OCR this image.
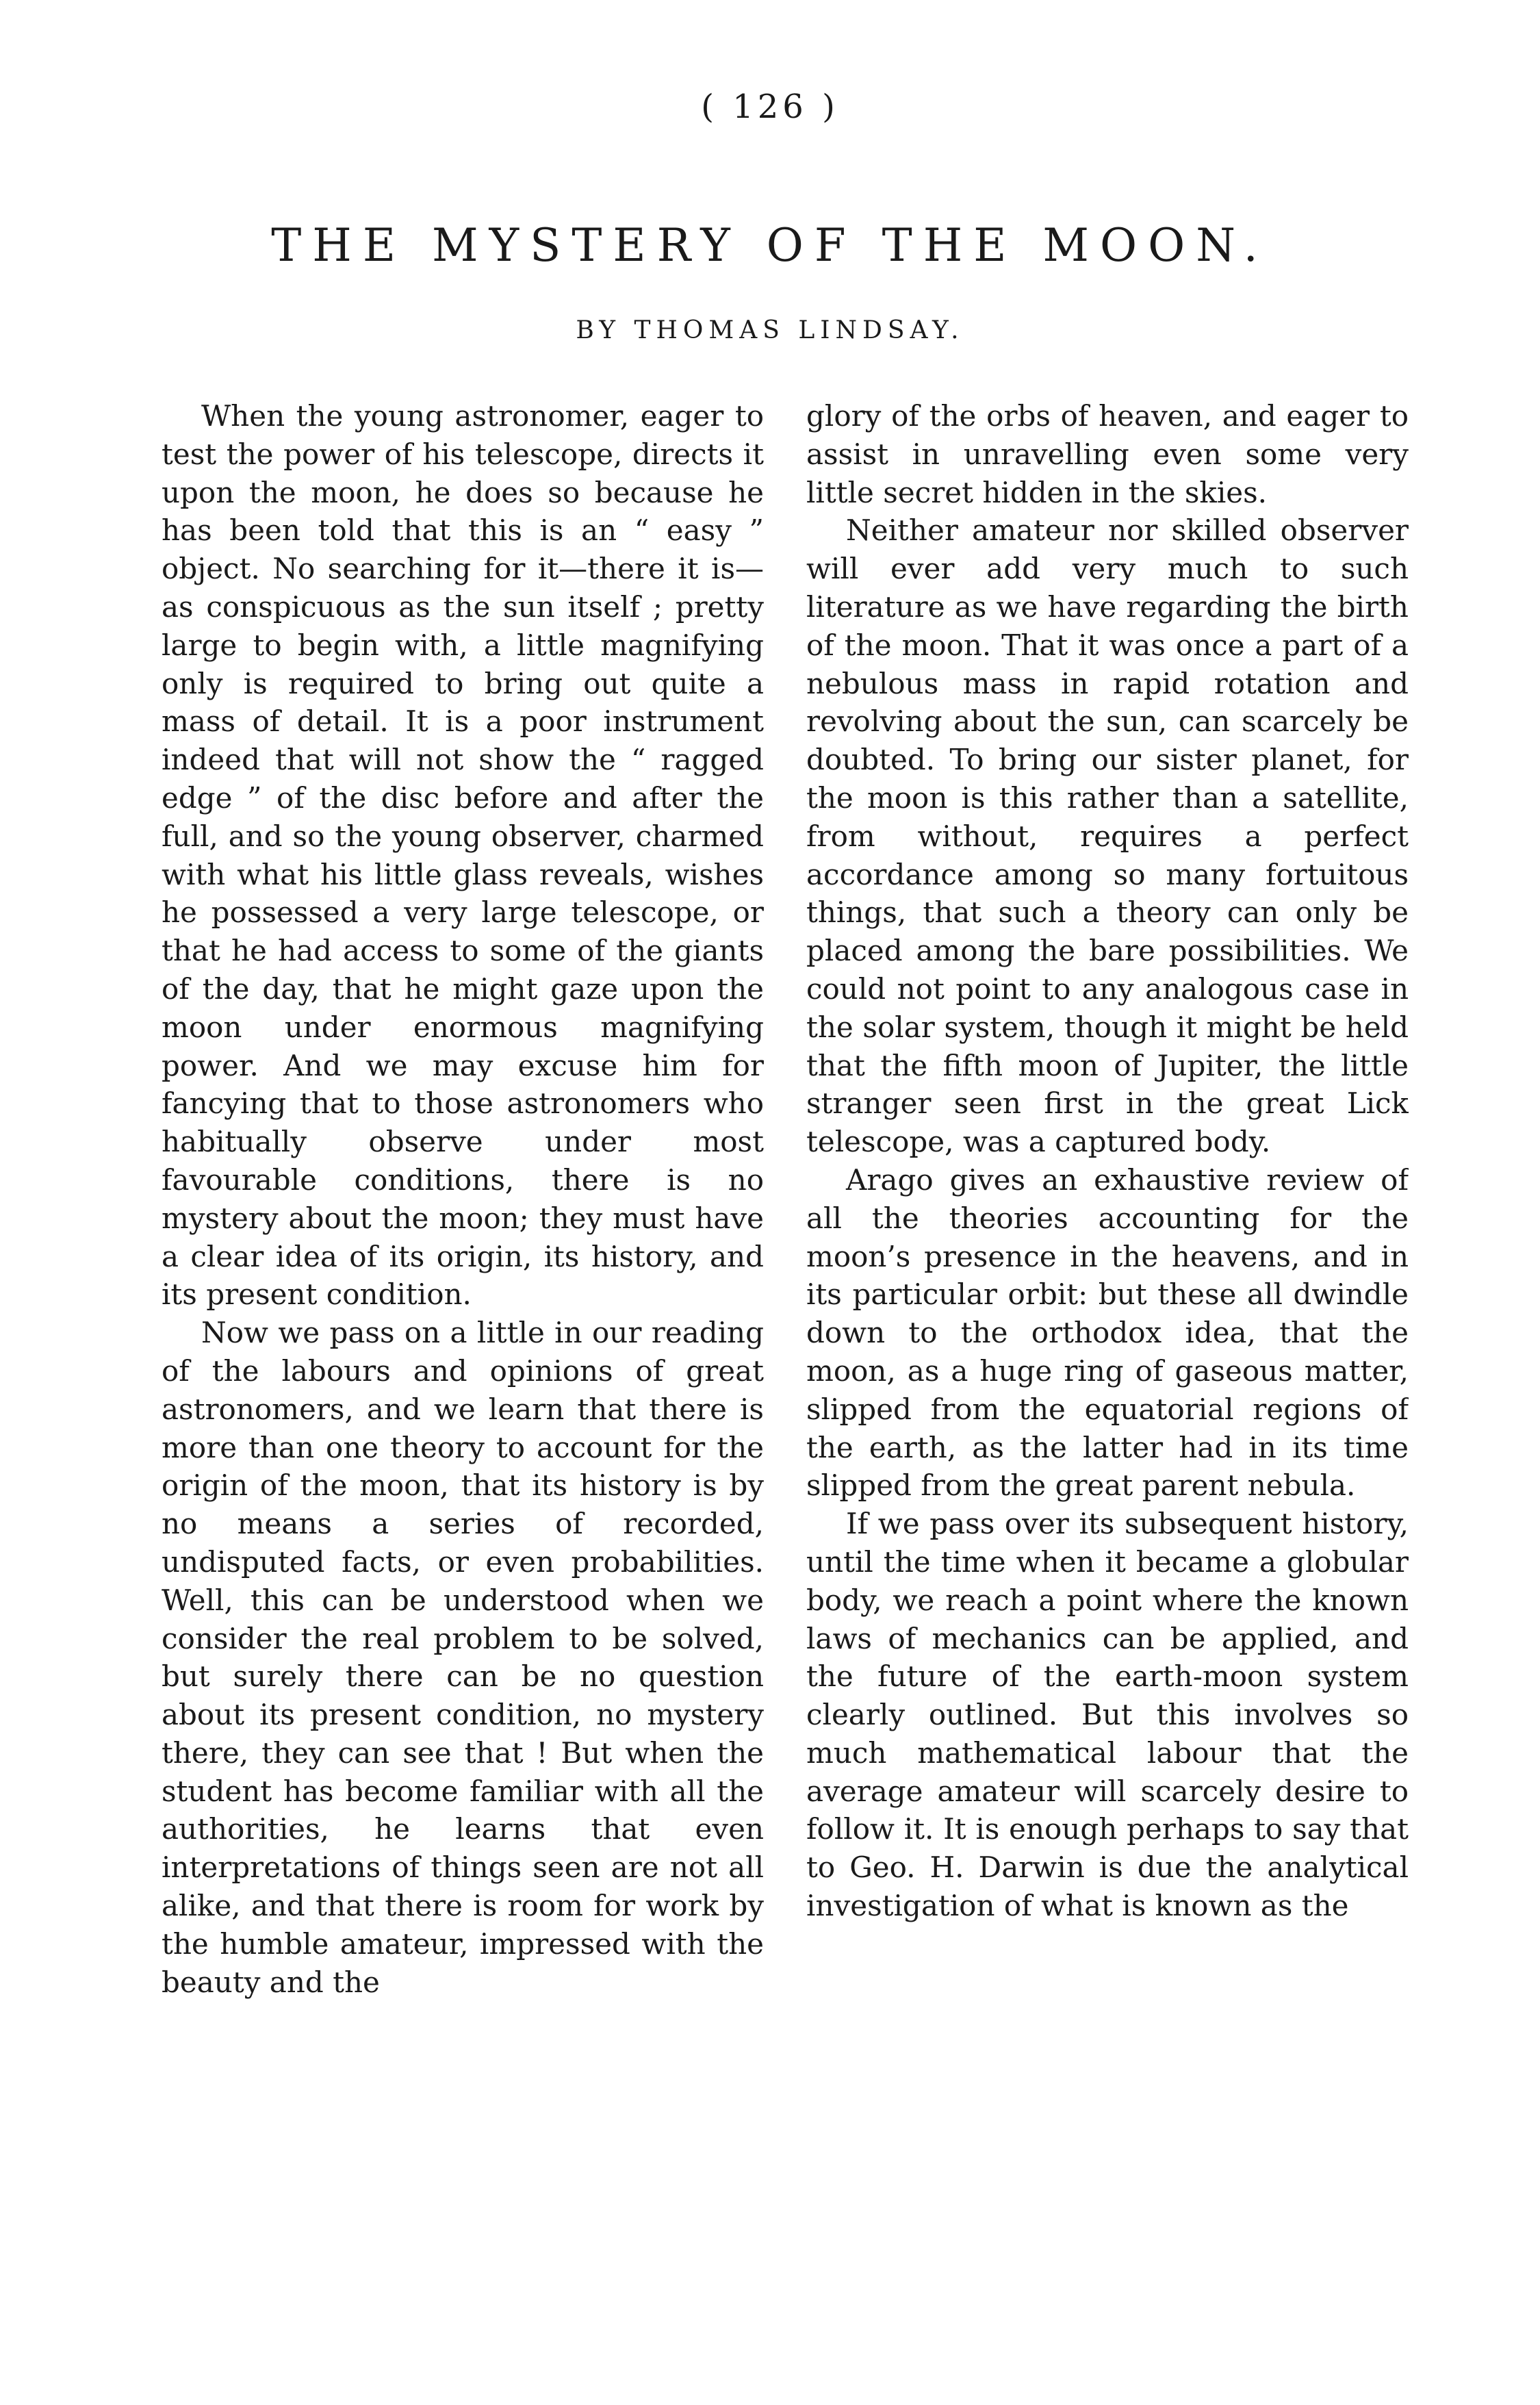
( 126 )
THE MYSTERY OF THE MOON.
BY THOMAS LINDSAY.

When the young astronomer, eager to test the power of his telescope, directs it upon the moon, he does so because he has been told that this is an “ easy ” object. No searching for it—there it is—as conspicuous as the sun itself ; pretty large to begin with, a little magnifying only is required to bring out quite a mass of detail. It is a poor instrument indeed that will not show the “ ragged edge ” of the disc before and after the full, and so the young observer, charmed with what his little glass reveals, wishes he possessed a very large telescope, or that he had access to some of the giants of the day, that he might gaze upon the moon under enormous magnifying power. And we may excuse him for fancying that to those astronomers who habitually observe under most favourable conditions, there is no mystery about the moon; they must have a clear idea of its origin, its history, and its present condition.

Now we pass on a little in our reading of the labours and opinions of great astronomers, and we learn that there is more than one theory to account for the origin of the moon, that its history is by no means a series of recorded, undisputed facts, or even probabilities. Well, this can be understood when we consider the real problem to be solved, but surely there can be no question about its present condition, no mystery there, they can see that ! But when the student has become familiar with all the authorities, he learns that even interpretations of things seen are not all alike, and that there is room for work by the humble amateur, impressed with the beauty and the

glory of the orbs of heaven, and eager to assist in unravelling even some very little secret hidden in the skies.

Neither amateur nor skilled observer will ever add very much to such literature as we have regarding the birth of the moon. That it was once a part of a nebulous mass in rapid rotation and revolving about the sun, can scarcely be doubted. To bring our sister planet, for the moon is this rather than a satellite, from without, requires a perfect accordance among so many fortuitous things, that such a theory can only be placed among the bare possibilities. We could not point to any analogous case in the solar system, though it might be held that the fifth moon of Jupiter, the little stranger seen first in the great Lick telescope, was a captured body.

Arago gives an exhaustive review of all the theories accounting for the moon’s presence in the heavens, and in its particular orbit: but these all dwindle down to the orthodox idea, that the moon, as a huge ring of gaseous matter, slipped from the equatorial regions of the earth, as the latter had in its time slipped from the great parent nebula.

If we pass over its subsequent history, until the time when it became a globular body, we reach a point where the known laws of mechanics can be applied, and the future of the earth-moon system clearly outlined. But this involves so much mathematical labour that the average amateur will scarcely desire to follow it. It is enough perhaps to say that to Geo. H. Darwin is due the analytical investigation of what is known as the
